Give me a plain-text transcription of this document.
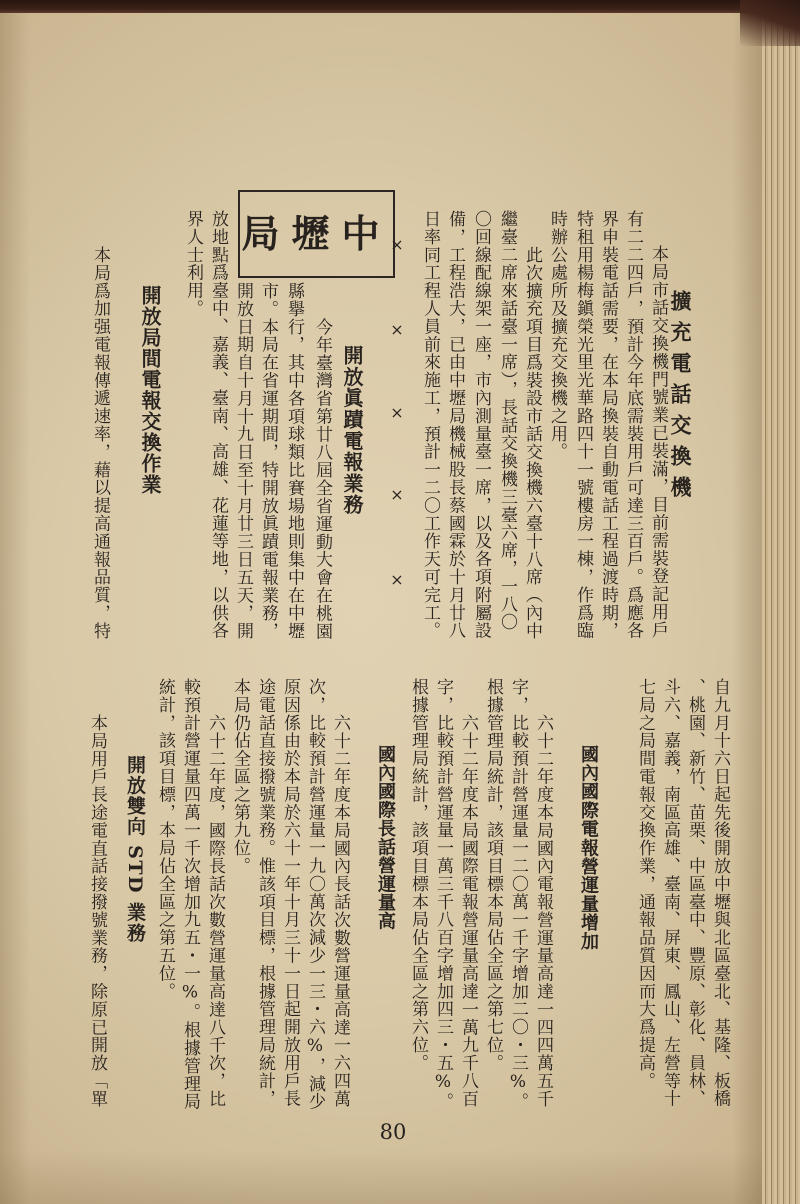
擴充電話交換機
本局市話交換機門號業已裝滿，目前需裝登記用戶
有二二四戶，預計今年底需裝用戶可達三百戶。爲應各
界申裝電話需要，在本局換裝自動電話工程過渡時期，
特租用楊梅鎭榮光里光華路四十一號樓房一棟，作爲臨
時辦公處所及擴充交換機之用。
此次擴充項目爲裝設市話交換機六臺十八席（內中
繼臺二席來話臺一席），長話交換機三臺六席，一八〇
〇回線配線架一座，市內測量臺一席，以及各項附屬設
備，工程浩大，已由中壢局機械股長蔡國霖於十月廿八
日率同工程人員前來施工，預計一二〇工作天可完工。
×
×
×
×
×
中壢局
開放眞蹟電報業務
今年臺灣省第廿八屆全省運動大會在桃園
縣擧行，其中各項球類比賽場地則集中在中壢
市。本局在省運期間，特開放眞蹟電報業務，
開放日期自十月十九日至十月廿三日五天，開
放地點爲臺中、嘉義、臺南、高雄、花蓮等地，以供各
界人士利用。
開放局間電報交換作業
本局爲加强電報傳遞速率，藉以提高通報品質，特
自九月十六日起先後開放中壢與北區臺北、基隆、板橋
、桃園、新竹、苗栗、中區臺中、豐原、彰化、員林、
斗六、嘉義，南區高雄、臺南、屏東、鳳山、左營等十
七局之局間電報交換作業，通報品質因而大爲提高。
國內國際電報營運量增加
六十二年度本局國內電報營運量高達一四四萬五千
字，比較預計營運量一二〇萬一千字增加二〇・三%。
根據管理局統計，該項目標本局佔全區之第七位。
六十二年度本局國際電報營運量高達一萬九千八百
字，比較預計營運量一萬三千八百字增加四三・五%。
根據管理局統計，該項目標本局佔全區之第六位。
國內國際長話營運量高
六十二年度本局國內長話次數營運量高達一六四萬
次，比較預計營運量一九〇萬次減少一三・六%，減少
原因係由於本局於六十一年十月三十一日起開放用戶長
途電話直接撥號業務。惟該項目標，根據管理局統計，
本局仍佔全區之第九位。
六十二年度，國際長話次數營運量高達八千次，比
較預計營運量四萬一千次增加九五・一%。根據管理局
統計，該項目標，本局佔全區之第五位。
開放雙向 STD 業務
本局用戶長途電直話接撥號業務，除原已開放「單
80
